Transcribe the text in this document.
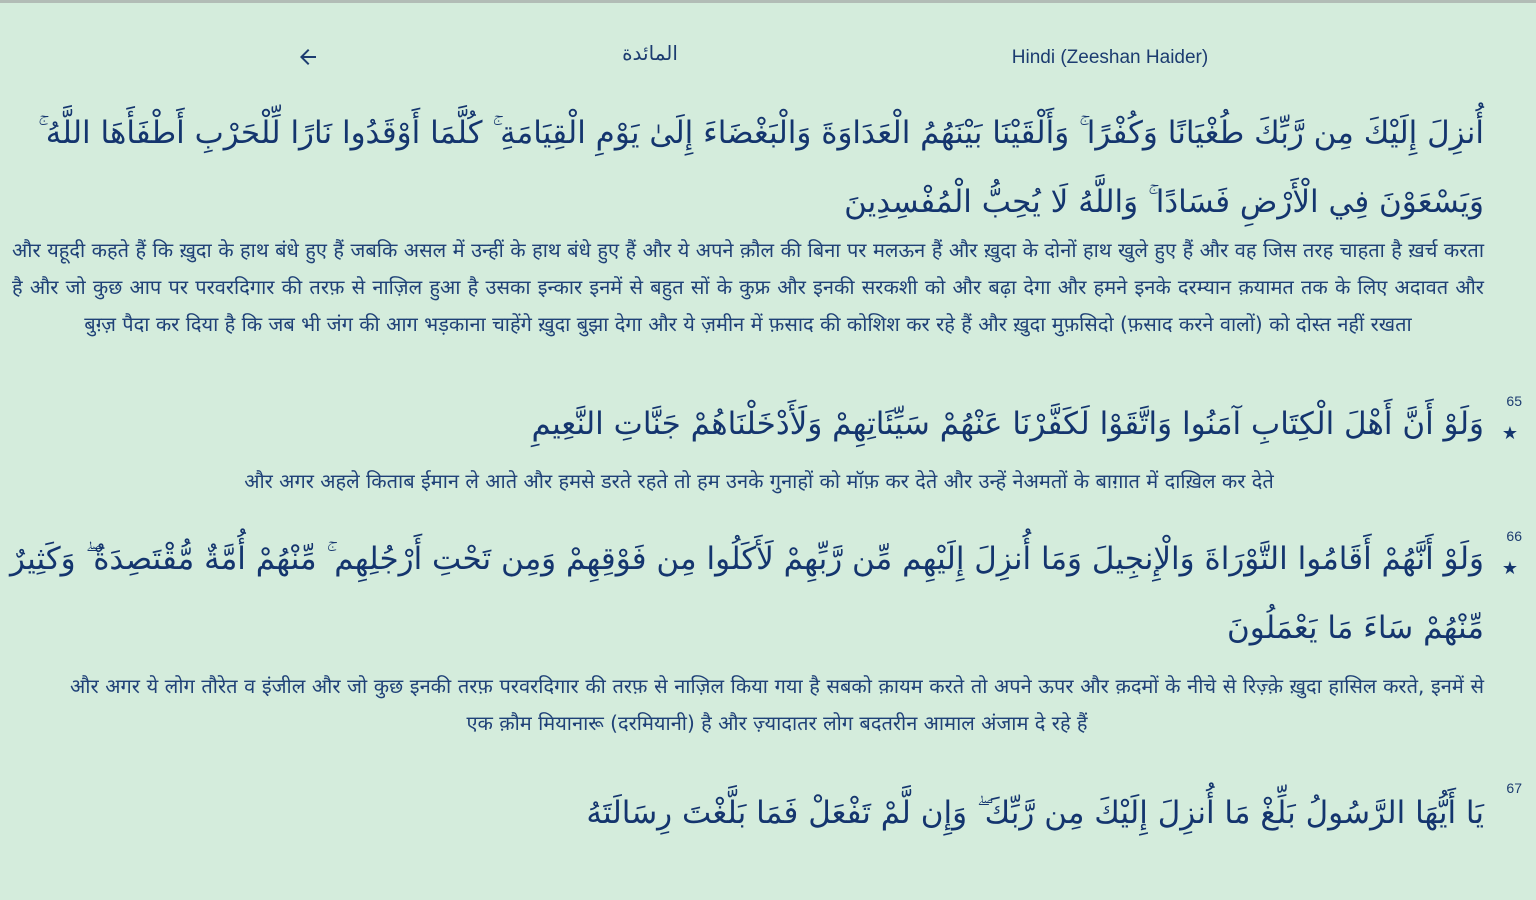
المائدة	Hindi (Zeeshan Haider)

أُنزِلَ إِلَيْكَ مِن رَّبِّكَ طُغْيَانًا وَكُفْرًا ۚ وَأَلْقَيْنَا بَيْنَهُمُ الْعَدَاوَةَ وَالْبَغْضَاءَ إِلَىٰ يَوْمِ الْقِيَامَةِ ۚ كُلَّمَا أَوْقَدُوا نَارًا لِّلْحَرْبِ أَطْفَأَهَا اللَّهُ ۚ

وَيَسْعَوْنَ فِي الْأَرْضِ فَسَادًا ۚ وَاللَّهُ لَا يُحِبُّ الْمُفْسِدِينَ

और यहूदी कहते हैं कि ख़ुदा के हाथ बंधे हुए हैं जबकि असल में उन्हीं के हाथ बंधे हुए हैं और ये अपने क़ौल की बिना पर मलऊन हैं और ख़ुदा के दोनों हाथ खुले हुए हैं और वह जिस तरह चाहता है ख़र्च करता है और जो कुछ आप पर परवरदिगार की तरफ़ से नाज़िल हुआ है उसका इन्कार इनमें से बहुत सों के कुफ्र और इनकी सरकशी को और बढ़ा देगा और हमने इनके दरम्यान क़यामत तक के लिए अदावत और बुग़्ज़ पैदा कर दिया है कि जब भी जंग की आग भड़काना चाहेंगे ख़ुदा बुझा देगा और ये ज़मीन में फ़साद की कोशिश कर रहे हैं और ख़ुदा मुफ़सिदो (फ़साद करने वालों) को दोस्त नहीं रखता

65
★

وَلَوْ أَنَّ أَهْلَ الْكِتَابِ آمَنُوا وَاتَّقَوْا لَكَفَّرْنَا عَنْهُمْ سَيِّئَاتِهِمْ وَلَأَدْخَلْنَاهُمْ جَنَّاتِ النَّعِيمِ

और अगर अहले किताब ईमान ले आते और हमसे डरते रहते तो हम उनके गुनाहों को मॉफ़ कर देते और उन्हें नेअमतों के बाग़ात में दाख़िल कर देते

66
★

وَلَوْ أَنَّهُمْ أَقَامُوا التَّوْرَاةَ وَالْإِنجِيلَ وَمَا أُنزِلَ إِلَيْهِم مِّن رَّبِّهِمْ لَأَكَلُوا مِن فَوْقِهِمْ وَمِن تَحْتِ أَرْجُلِهِم ۚ مِّنْهُمْ أُمَّةٌ مُّقْتَصِدَةٌ ۖ وَكَثِيرٌ

مِّنْهُمْ سَاءَ مَا يَعْمَلُونَ

और अगर ये लोग तौरेत व इंजील और जो कुछ इनकी तरफ़ परवरदिगार की तरफ़ से नाज़िल किया गया है सबको क़ायम करते तो अपने ऊपर और क़दमों के नीचे से रिज़्क़े ख़ुदा हासिल करते, इनमें से एक क़ौम मियानारू (दरमियानी) है और ज़्यादातर लोग बदतरीन आमाल अंजाम दे रहे हैं

67

يَا أَيُّهَا الرَّسُولُ بَلِّغْ مَا أُنزِلَ إِلَيْكَ مِن رَّبِّكَ ۖ وَإِن لَّمْ تَفْعَلْ فَمَا بَلَّغْتَ رِسَالَتَهُ
